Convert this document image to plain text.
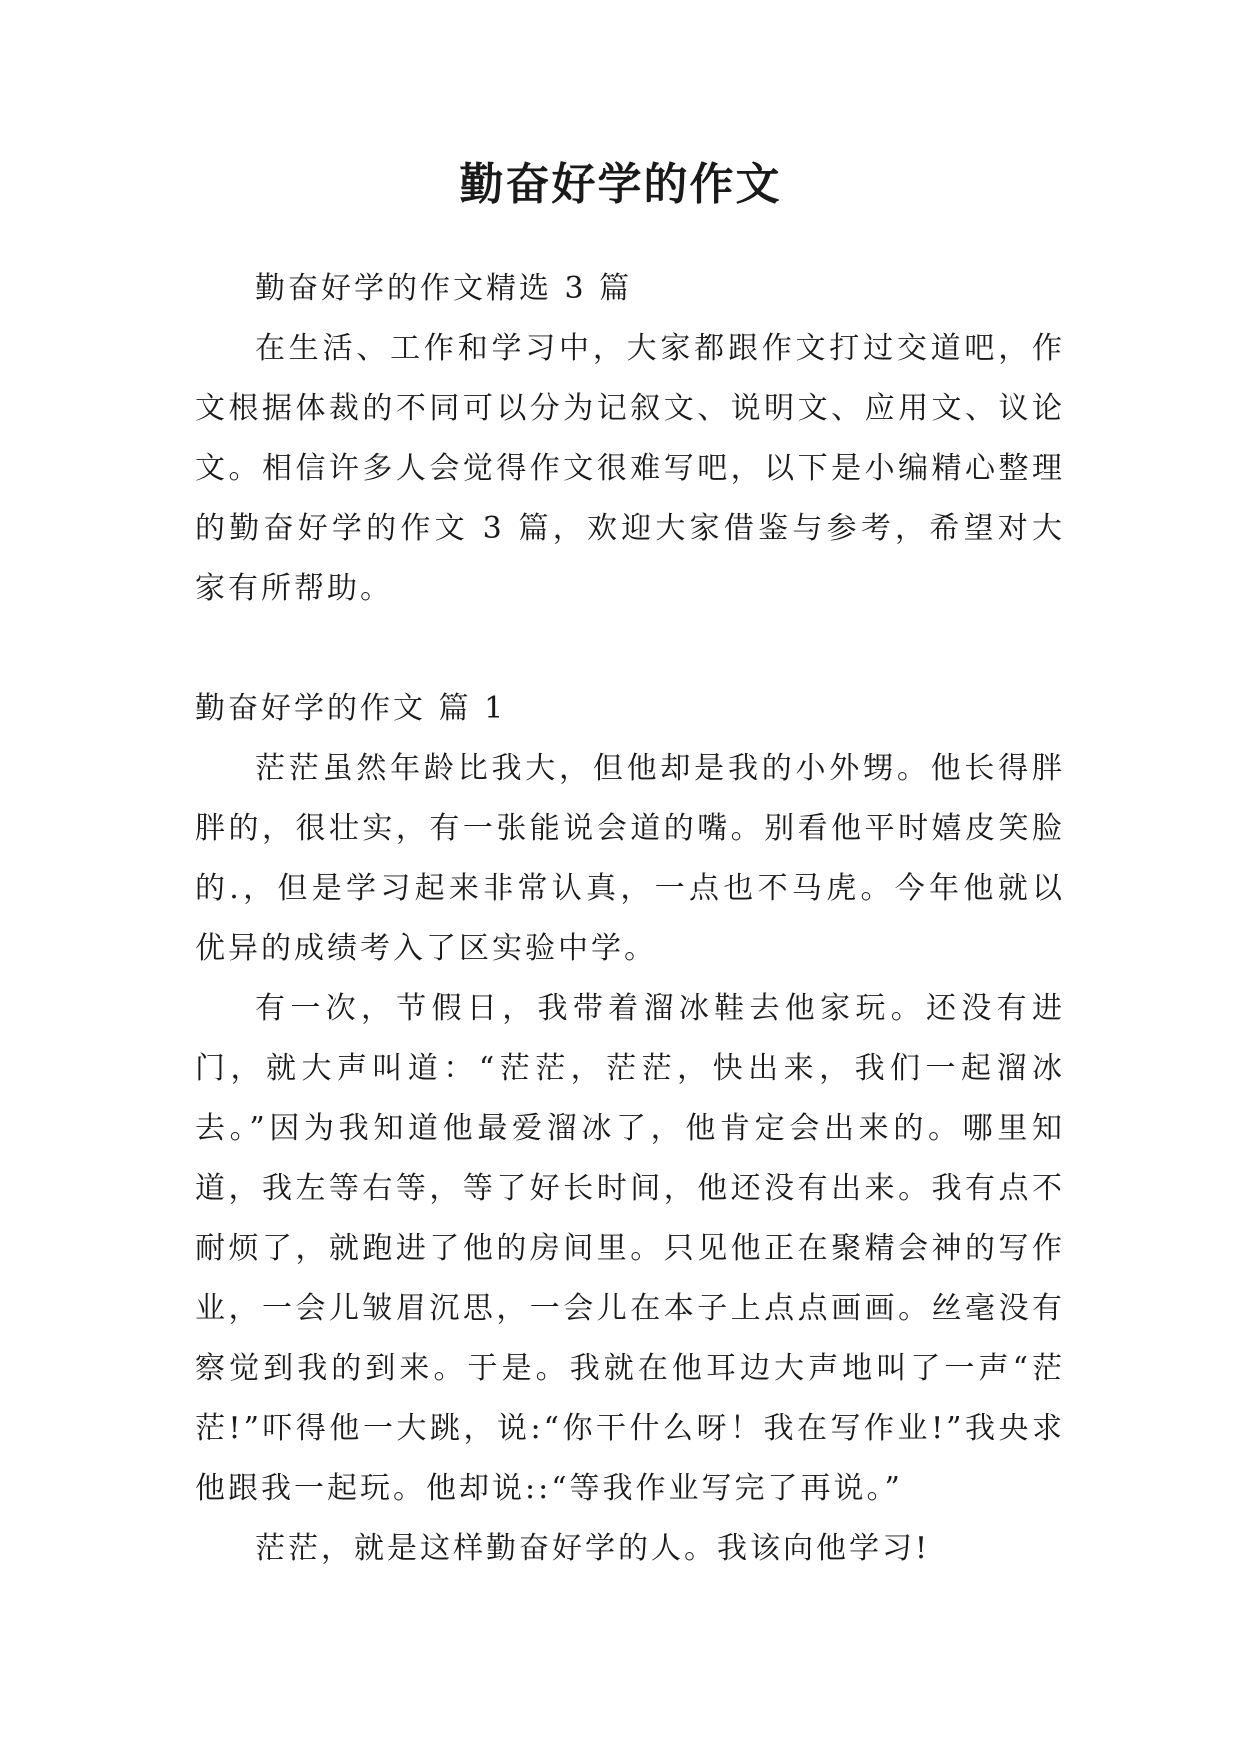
勤奋好学的作文

勤奋好学的作文精选 3 篇

在生活、工作和学习中，大家都跟作文打过交道吧，作文根据体裁的不同可以分为记叙文、说明文、应用文、议论文。相信许多人会觉得作文很难写吧，以下是小编精心整理的勤奋好学的作文 3 篇，欢迎大家借鉴与参考，希望对大家有所帮助。

勤奋好学的作文 篇 1

茫茫虽然年龄比我大，但他却是我的小外甥。他长得胖胖的，很壮实，有一张能说会道的嘴。别看他平时嬉皮笑脸的.，但是学习起来非常认真，一点也不马虎。今年他就以优异的成绩考入了区实验中学。

有一次，节假日，我带着溜冰鞋去他家玩。还没有进门，就大声叫道：“茫茫，茫茫，快出来，我们一起溜冰去。”因为我知道他最爱溜冰了，他肯定会出来的。哪里知道，我左等右等，等了好长时间，他还没有出来。我有点不耐烦了，就跑进了他的房间里。只见他正在聚精会神的写作业，一会儿皱眉沉思，一会儿在本子上点点画画。丝毫没有察觉到我的到来。于是。我就在他耳边大声地叫了一声“茫茫!”吓得他一大跳，说:“你干什么呀！我在写作业!”我央求他跟我一起玩。他却说::“等我作业写完了再说。”

茫茫，就是这样勤奋好学的人。我该向他学习!
